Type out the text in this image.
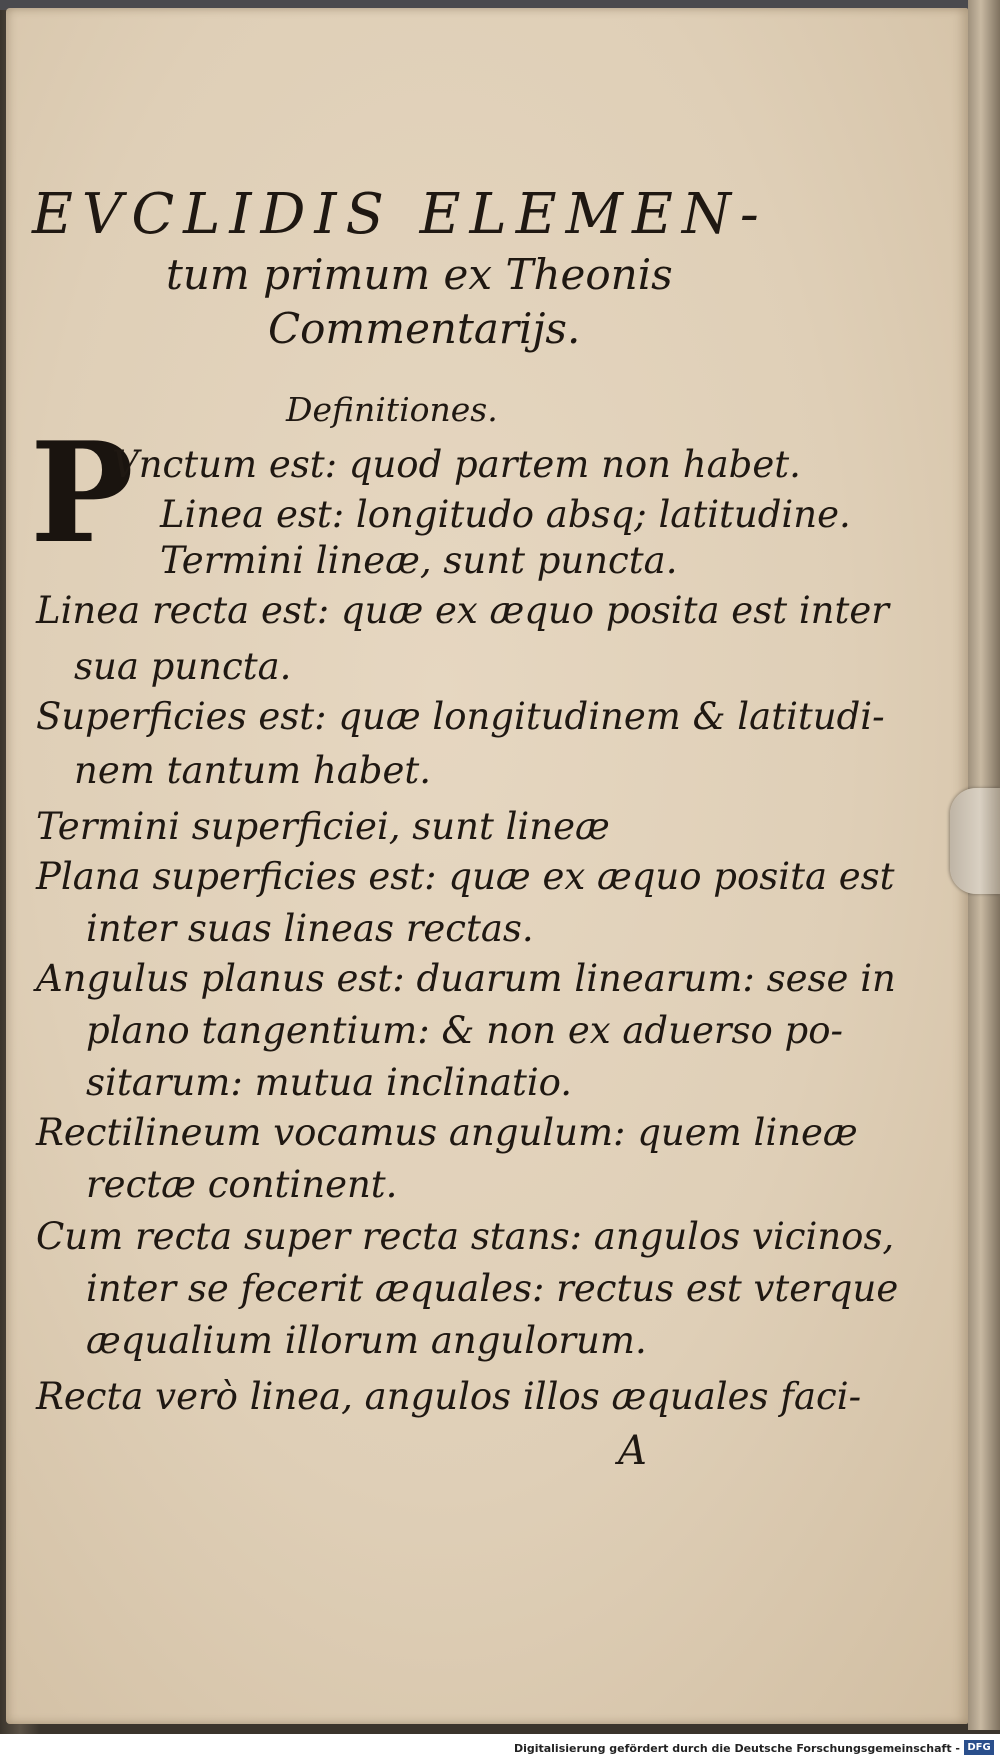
EVCLIDIS ELEMEN-
tum primum ex Theonis
Commentariјs.
Definitiones.
P
Vnctum est: quod partem non habet.
Linea est: longitudo absq; latitudine.
Termini lineæ, sunt puncta.
Linea recta est: quæ ex æquo posita est inter
sua puncta.
Superficies est: quæ longitudinem & latitudi-
nem tantum habet.
Termini superficiei, sunt lineæ
Plana superficies est: quæ ex æquo posita est
inter suas lineas rectas.
Angulus planus est: duarum linearum: sese in
plano tangentium: & non ex aduerso po-
sitarum: mutua inclinatio.
Rectilineum vocamus angulum: quem lineæ
rectæ continent.
Cum recta super recta stans: angulos vicinos,
inter se fecerit æquales: rectus est vterque
æqualium illorum angulorum.
Recta verò linea, angulos illos æquales faci-
A
Digitalisierung gefördert durch die Deutsche Forschungsgemeinschaft - DFG
